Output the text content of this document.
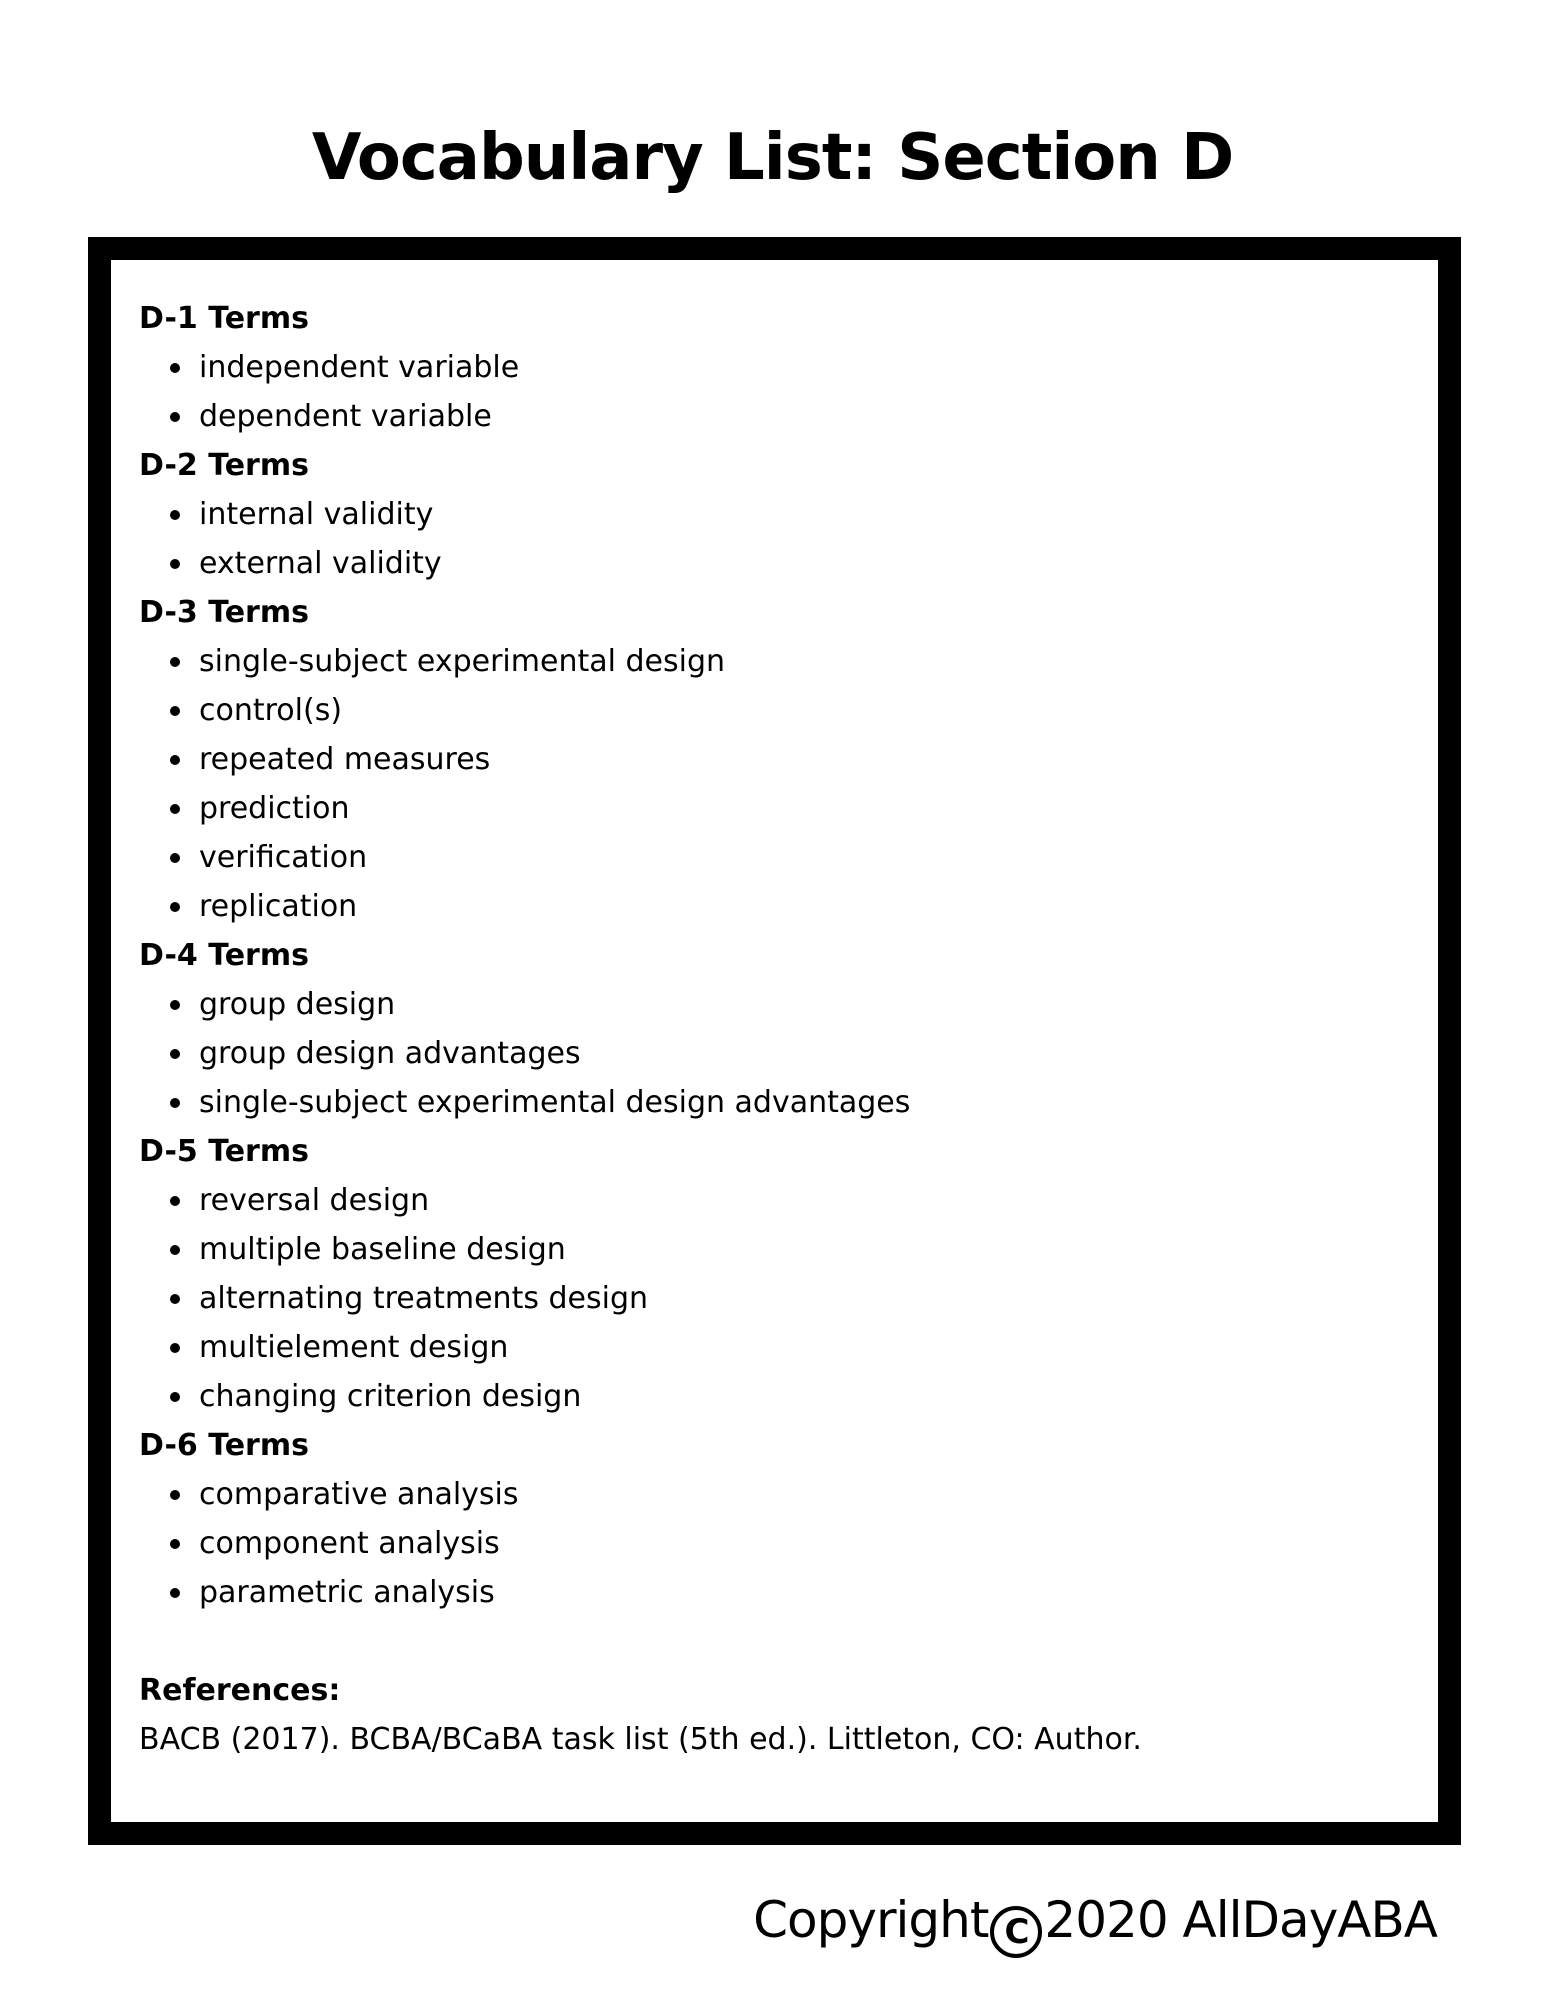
Vocabulary List: Section D
D-1 Terms
independent variable
dependent variable
D-2 Terms
internal validity
external validity
D-3 Terms
single-subject experimental design
control(s)
repeated measures
prediction
verification
replication
D-4 Terms
group design
group design advantages
single-subject experimental design advantages
D-5 Terms
reversal design
multiple baseline design
alternating treatments design
multielement design
changing criterion design
D-6 Terms
comparative analysis
component analysis
parametric analysis
References:
BACB (2017). BCBA/BCaBA task list (5th ed.). Littleton, CO: Author.
Copyright C 2020 AllDayABA
